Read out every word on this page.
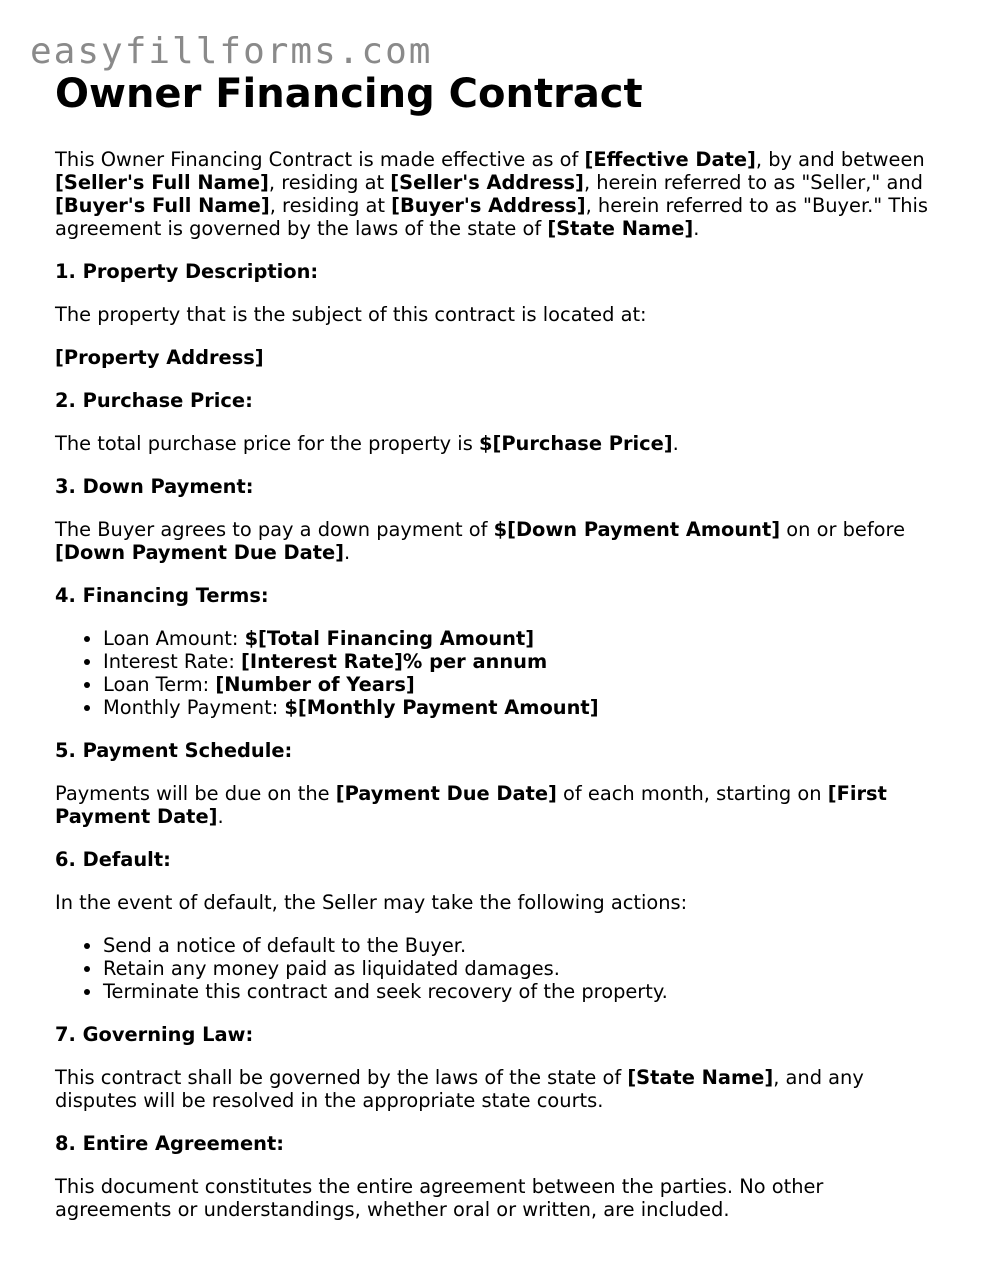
easyfillforms.com
Owner Financing Contract

This Owner Financing Contract is made effective as of [Effective Date], by and between [Seller's Full Name], residing at [Seller's Address], herein referred to as "Seller," and [Buyer's Full Name], residing at [Buyer's Address], herein referred to as "Buyer." This agreement is governed by the laws of the state of [State Name].

1. Property Description:

The property that is the subject of this contract is located at:

[Property Address]

2. Purchase Price:

The total purchase price for the property is $[Purchase Price].

3. Down Payment:

The Buyer agrees to pay a down payment of $[Down Payment Amount] on or before [Down Payment Due Date].

4. Financing Terms:
• Loan Amount: $[Total Financing Amount]
• Interest Rate: [Interest Rate]% per annum
• Loan Term: [Number of Years]
• Monthly Payment: $[Monthly Payment Amount]
5. Payment Schedule:

Payments will be due on the [Payment Due Date] of each month, starting on [First Payment Date].

6. Default:

In the event of default, the Seller may take the following actions:

• Send a notice of default to the Buyer.
• Retain any money paid as liquidated damages.
• Terminate this contract and seek recovery of the property.
7. Governing Law:

This contract shall be governed by the laws of the state of [State Name], and any disputes will be resolved in the appropriate state courts.

8. Entire Agreement:

This document constitutes the entire agreement between the parties. No other agreements or understandings, whether oral or written, are included.
